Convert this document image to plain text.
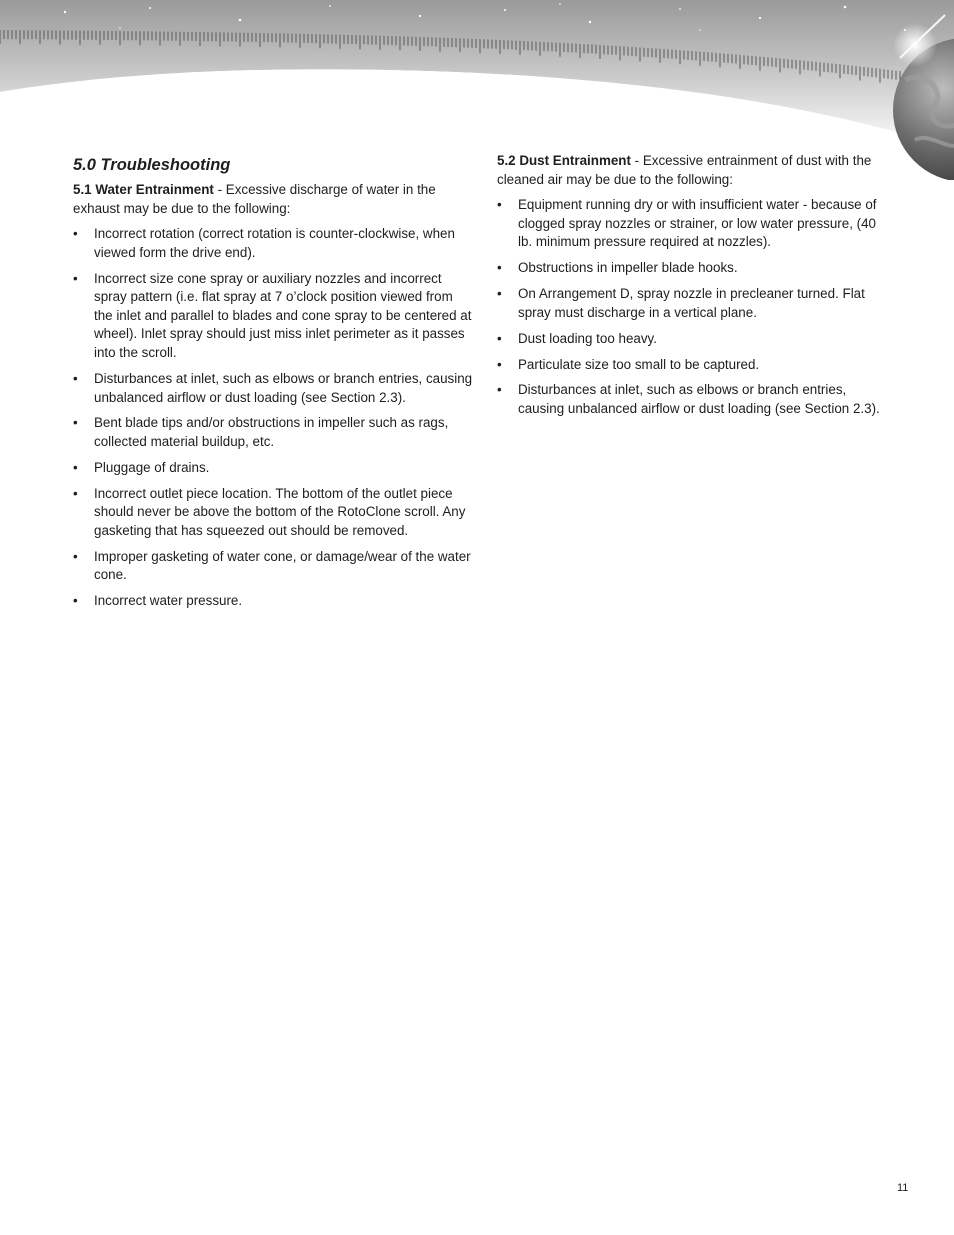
5.0 Troubleshooting

5.1 Water Entrainment - Excessive discharge of water in the exhaust may be due to the following:

• Incorrect rotation (correct rotation is counter-clockwise, when viewed form the drive end).
• Incorrect size cone spray or auxiliary nozzles and incorrect spray pattern (i.e. flat spray at 7 o’clock position viewed from the inlet and parallel to blades and cone spray to be centered at wheel). Inlet spray should just miss inlet perimeter as it passes into the scroll.
• Disturbances at inlet, such as elbows or branch entries, causing unbalanced airflow or dust loading (see Section 2.3).
• Bent blade tips and/or obstructions in impeller such as rags, collected material buildup, etc.
• Pluggage of drains.
• Incorrect outlet piece location. The bottom of the outlet piece should never be above the bottom of the RotoClone scroll. Any gasketing that has squeezed out should be removed.
• Improper gasketing of water cone, or damage/wear of the water cone.
• Incorrect water pressure.

5.2 Dust Entrainment - Excessive entrainment of dust with the cleaned air may be due to the following:

• Equipment running dry or with insufficient water - because of clogged spray nozzles or strainer, or low water pressure, (40 lb. minimum pressure required at nozzles).
• Obstructions in impeller blade hooks.
• On Arrangement D, spray nozzle in precleaner turned. Flat spray must discharge in a vertical plane.
• Dust loading too heavy.
• Particulate size too small to be captured.
• Disturbances at inlet, such as elbows or branch entries, causing unbalanced airflow or dust loading (see Section 2.3).
11
